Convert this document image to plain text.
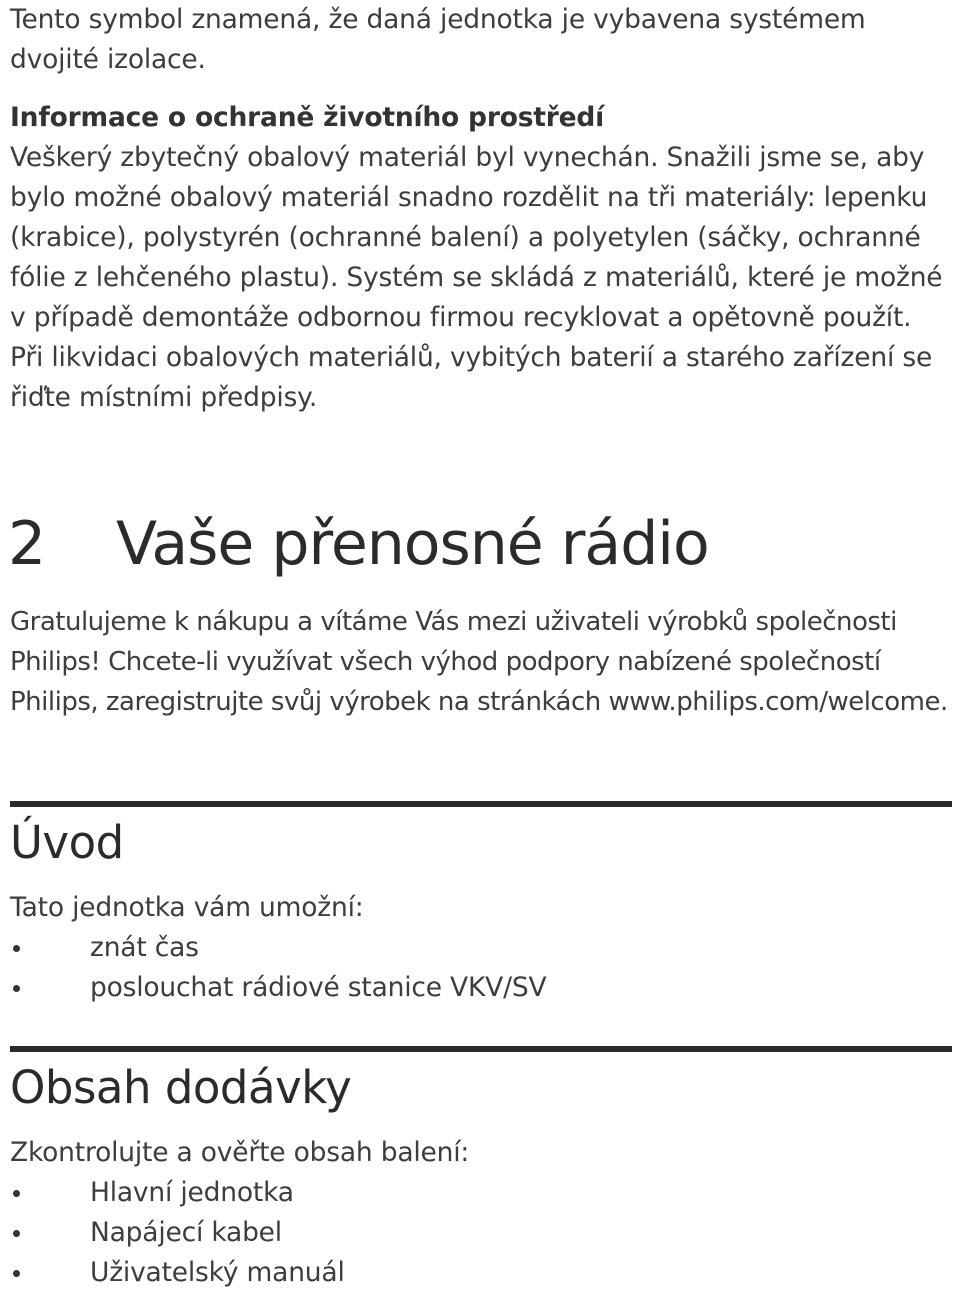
Tento symbol znamená, že daná jednotka je vybavena systémem dvojité izolace.

Informace o ochraně životního prostředí

Veškerý zbytečný obalový materiál byl vynechán. Snažili jsme se, aby bylo možné obalový materiál snadno rozdělit na tři materiály: lepenku (krabice), polystyrén (ochranné balení) a polyetylen (sáčky, ochranné fólie z lehčeného plastu). Systém se skládá z materiálů, které je možné v případě demontáže odbornou firmou recyklovat a opětovně použít. Při likvidaci obalových materiálů, vybitých baterií a starého zařízení se řiďte místními předpisy.

2 Vaše přenosné rádio

Gratulujeme k nákupu a vítáme Vás mezi uživateli výrobků společnosti Philips! Chcete-li využívat všech výhod podpory nabízené společností Philips, zaregistrujte svůj výrobek na stránkách www.philips.com/welcome.

Úvod

Tato jednotka vám umožní:

znát čas
poslouchat rádiové stanice VKV/SV
Obsah dodávky

Zkontrolujte a ověřte obsah balení:

Hlavní jednotka
Napájecí kabel
Uživatelský manuál
